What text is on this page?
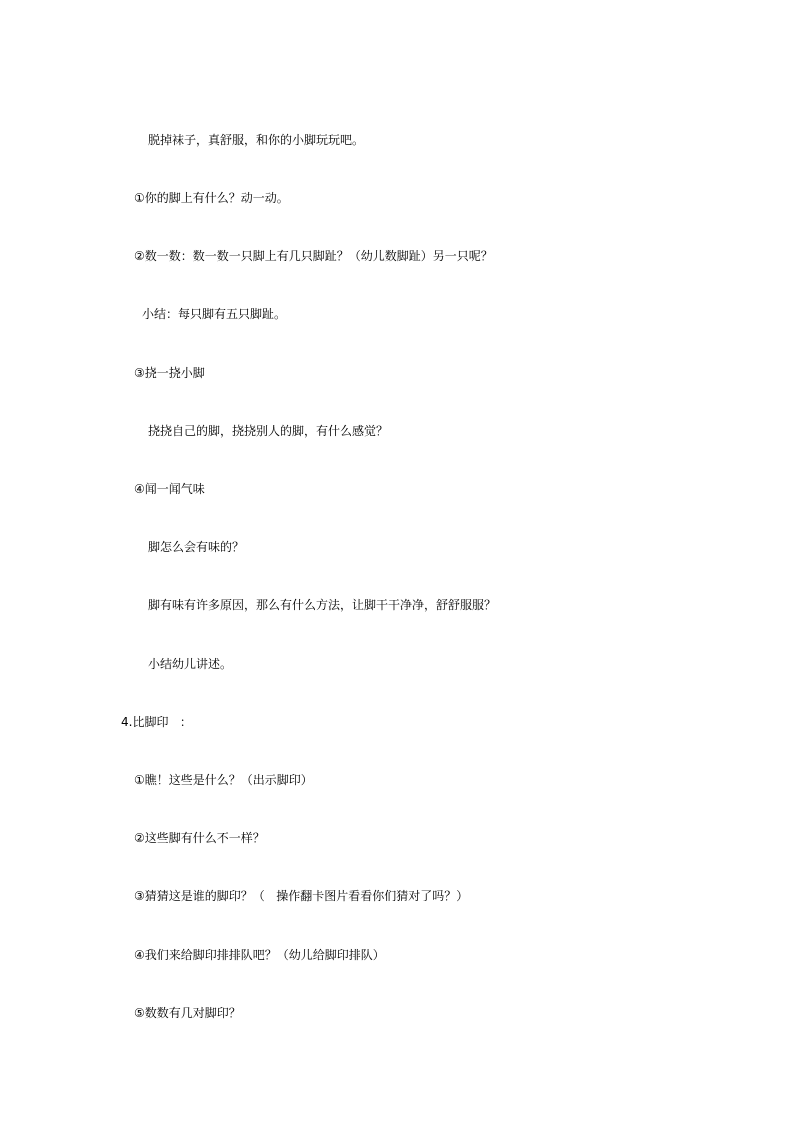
脱掉袜子，真舒服，和你的小脚玩玩吧。
①你的脚上有什么？动一动。
②数一数：数一数一只脚上有几只脚趾？（幼儿数脚趾）另一只呢？
小结：每只脚有五只脚趾。
③挠一挠小脚
挠挠自己的脚，挠挠别人的脚，有什么感觉？
④闻一闻气味
脚怎么会有味的？
脚有味有许多原因，那么有什么方法，让脚干干净净，舒舒服服？
小结幼儿讲述。
4.比脚印   ：
①瞧！这些是什么？（出示脚印）
②这些脚有什么不一样？
③猜猜这是谁的脚印？（   操作翻卡图片看看你们猜对了吗？）
④我们来给脚印排排队吧？（幼儿给脚印排队）
⑤数数有几对脚印？
